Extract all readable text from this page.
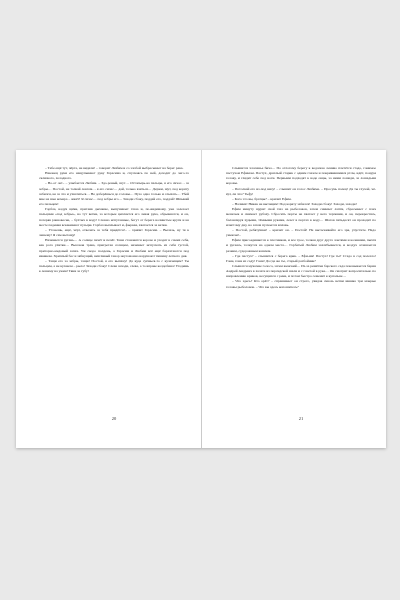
– Тебе ещё тут, чёрта, не видали! – говорит Любим и со злобой выбрасывает на берег рака.

Наконец руки его нащупывают руку Герасима и, спускаясь по ней, доходят до чего-то склизкого, холодного.

– Во-от он!.. – улыбается Любим. – Здо-ровый, шут… Оттопырь-ка пальцы, я его сичас… за зебры… Постой, не толкай локтем… я его сичас… дай, только взяться… Держи, шут, под коряту забился, не за что и ухватиться… Не доберёшься до головы… Пузо одно только и слыхать… Убей мне на шее комара – жжёт! Я сичас… под зебры его… Заходи сбоку, поддай его, поддай! Шпыняй его пальцем!

Горбач, надув щёки, притаив дыхание, выпучивает глаза и, по-видимому, уже залезает пальцами «под зебры», но тут ветки, за которые цепляется его левая рука, обрываются, и он, потеряв равновесие, – бултых в воду! Словно испуганные, бегут от берега волнистые круги и на месте падения вскакивают пузыри. Горбач выплывает и, фыркая, хватается за ветки.

– Утонешь, ещё, чёрт, отвечать за тебя придётся!.. – хрипит Герасим. – Вылазь, ну тя к лешему! Я сам вытащу!

Начинается ругань… А солнце печёт и печёт. Тени становятся короче и уходят в самих себя, как рога улитки… Высокая трава, пригретая солнцем, начинает испускать из себя густой, приторно-медовый запах. Уж скоро полдень, а Герасим и Любим всё ещё барахтаются под ивняком. Хриплый бас и зябнущий, визгливый тенор неугомонно нарушают тишину летнего дня.

– Тащи его за зебры, тащи! Постой, я его выпхну! Да куда суёшься-то с кулачищем? Ты пальцем, а не кулаком – рыло! Заходи сбоку! Слева заходи, слева, а то вправе колдобина! Угодишь к лешему на ужин! Тяни за губу!

20

Слышится хлопанье бича… По отлогому берегу к водопою лениво плетётся стадо, гонимое пастухом Ефимом. Пастух, дряхлый старик с одним глазом и покривившимся ртом, идёт, понуря голову, и глядит себе под ноги. Первыми подходят к воде овцы, за ними лошади, за лошадьми коровы.

– Потолкай его из-под низу! – слышит он голос Любима. – Просунь палец! Да ты глухой, чё-ёрт, ли что? Тьфу!

– Кого это вы, братцы? – кричит Ефим.

– Налима! Никак не вытащим! Под коряту забился! Заходи сбоку! Заходи, заходи!

Ефим минуту щурит свой глаз на рыболовов, затем снимает лапти, сбрасывает с плеч мешочек и снимает рубаху. Сбросить порты не хватает у него терпения, и он, перекрестясь, балансируя худыми, тёмными руками, лезет в портах в воду… Шагов пятьдесят он проходит по илистому дну, но затем пускается вплавь.

– Постой, ребятушки! – кричит он. – Постой! Не вытаскивайте его зря, упустите. Надо умеючи!..

Ефим присоединяется к плотникам, и все трое, толкая друг друга локтями и коленями, пыхтя и ругаясь, толкутся на одном месте… Горбатый Любим захлёбывается, и воздух оглашается резким, судорожным кашлем.

– Где пастух? – слышится с берега крик. – Ефи-им! Пастух! Где ты? Стадо в сад полезло! Гони, гони из саду! Гони! Да где же ты, старый разбойник?

Слышатся мужские голоса, затем женский… Из-за решётки барского сада показывается барин Андрей Андреич в халате из персидской шали и с газетой в руке… Он смотрит вопросительно по направлению криков, несущихся с реки, и потом быстро семенит к купальне…

– Что здесь? Кто орёт? – спрашивает он строго, увидав сквозь ветви ивняка три мокрые головы рыболовов. – Что вы здесь копошитесь?

21
